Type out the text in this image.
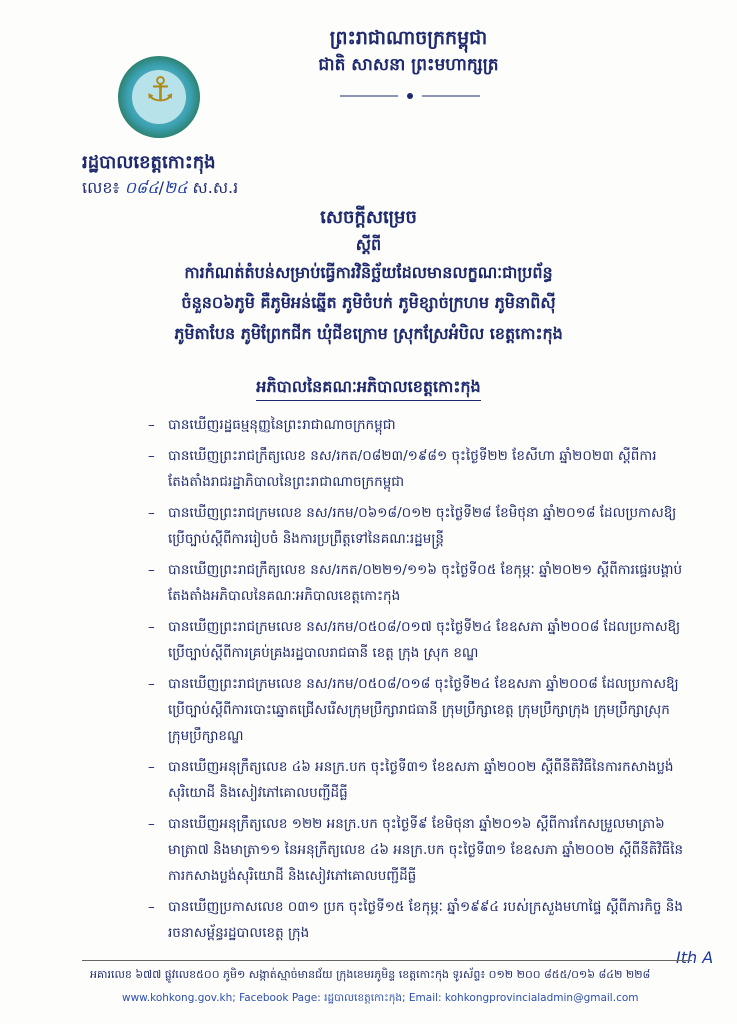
ព្រះរាជាណាចក្រកម្ពុជា
ជាតិ សាសនា ព្រះមហាក្សត្រ
⚓
រដ្ឋបាលខេត្តកោះកុង
លេខ៖ ០៨៤/២៤ ស.ស.រ
សេចក្ដីសម្រេច
ស្ដីពី
ការកំណត់តំបន់សម្រាប់ធ្វើការវិនិច្ឆ័យដែលមានលក្ខណៈជាប្រព័ន្ធ
ចំនួន០៦ភូមិ គឺភូមិអន់ឆ្នើត ភូមិចំបក់ ភូមិខ្សាច់ក្រហម ភូមិនាពិស៊ី
ភូមិតាបែន ភូមិព្រែកជីក ឃុំជីខក្រោម ស្រុកស្រែអំបិល ខេត្តកោះកុង
អភិបាលនៃគណៈអភិបាលខេត្តកោះកុង
– បានឃើញរដ្ឋធម្មនុញ្ញនៃព្រះរាជាណាចក្រកម្ពុជា
– បានឃើញព្រះរាជក្រឹត្យលេខ នស/រកត/០៨២៣/១៩៨១ ចុះថ្ងៃទី២២ ខែសីហា ឆ្នាំ២០២៣ ស្ដីពីការតែងតាំងរាជរដ្ឋាភិបាលនៃព្រះរាជាណាចក្រកម្ពុជា
– បានឃើញព្រះរាជក្រមលេខ នស/រកម/០៦១៨/០១២ ចុះថ្ងៃទី២៨ ខែមិថុនា ឆ្នាំ២០១៨ ដែលប្រកាសឱ្យប្រើច្បាប់ស្ដីពីការរៀបចំ និងការប្រព្រឹត្តទៅនៃគណៈរដ្ឋមន្ត្រី
– បានឃើញព្រះរាជក្រឹត្យលេខ នស/រកត/០២២១/១១៦ ចុះថ្ងៃទី០៥ ខែកុម្ភៈ ឆ្នាំ២០២១ ស្ដីពីការផ្ទេរបង្គាប់តែងតាំងអភិបាលនៃគណៈអភិបាលខេត្តកោះកុង
– បានឃើញព្រះរាជក្រមលេខ នស/រកម/០៥០៨/០១៧ ចុះថ្ងៃទី២៤ ខែឧសភា ឆ្នាំ២០០៨ ដែលប្រកាសឱ្យប្រើច្បាប់ស្ដីពីការគ្រប់គ្រងរដ្ឋបាលរាជធានី ខេត្ត ក្រុង ស្រុក ខណ្ឌ
– បានឃើញព្រះរាជក្រមលេខ នស/រកម/០៥០៨/០១៨ ចុះថ្ងៃទី២៤ ខែឧសភា ឆ្នាំ២០០៨ ដែលប្រកាសឱ្យប្រើច្បាប់ស្ដីពីការបោះឆ្នោតជ្រើសរើសក្រុមប្រឹក្សារាជធានី ក្រុមប្រឹក្សាខេត្ត ក្រុមប្រឹក្សាក្រុង ក្រុមប្រឹក្សាស្រុក ក្រុមប្រឹក្សាខណ្ឌ
– បានឃើញអនុក្រឹត្យលេខ ៤៦ អនក្រ.បក ចុះថ្ងៃទី៣១ ខែឧសភា ឆ្នាំ២០០២ ស្ដីពីនីតិវិធីនៃការកសាងប្លង់សុរិយោដី និងសៀវភៅគោលបញ្ជីដីធ្លី
– បានឃើញអនុក្រឹត្យលេខ ១២២ អនក្រ.បក ចុះថ្ងៃទី៩ ខែមិថុនា ឆ្នាំ២០១៦ ស្ដីពីការកែសម្រួលមាត្រា៦ មាត្រា៧ និងមាត្រា១១ នៃអនុក្រឹត្យលេខ ៤៦ អនក្រ.បក ចុះថ្ងៃទី៣១ ខែឧសភា ឆ្នាំ២០០២ ស្ដីពីនីតិវិធីនៃការកសាងប្លង់សុរិយោដី និងសៀវភៅគោលបញ្ជីដីធ្លី
– បានឃើញប្រកាសលេខ ០៣១ ប្រក ចុះថ្ងៃទី១៥ ខែកុម្ភៈ ឆ្នាំ១៩៩៤ របស់ក្រសួងមហាផ្ទៃ ស្ដីពីភារកិច្ច និងរចនាសម្ព័ន្ធរដ្ឋបាលខេត្ត ក្រុង
Ith A
អគារលេខ ៦៧៧ ផ្លូវលេខ៥០០ ភូមិ១ សង្កាត់ស្មាច់មានជ័យ ក្រុងខេមរភូមិន្ទ ខេត្តកោះកុង ទូរស័ព្ទ៖ ០១២ ២០០ ៨៥៥/០១៦ ៨៤២ ២២៨
www.kohkong.gov.kh; Facebook Page: រដ្ឋបាលខេត្តកោះកុង; Email: kohkongprovincialadmin@gmail.com
